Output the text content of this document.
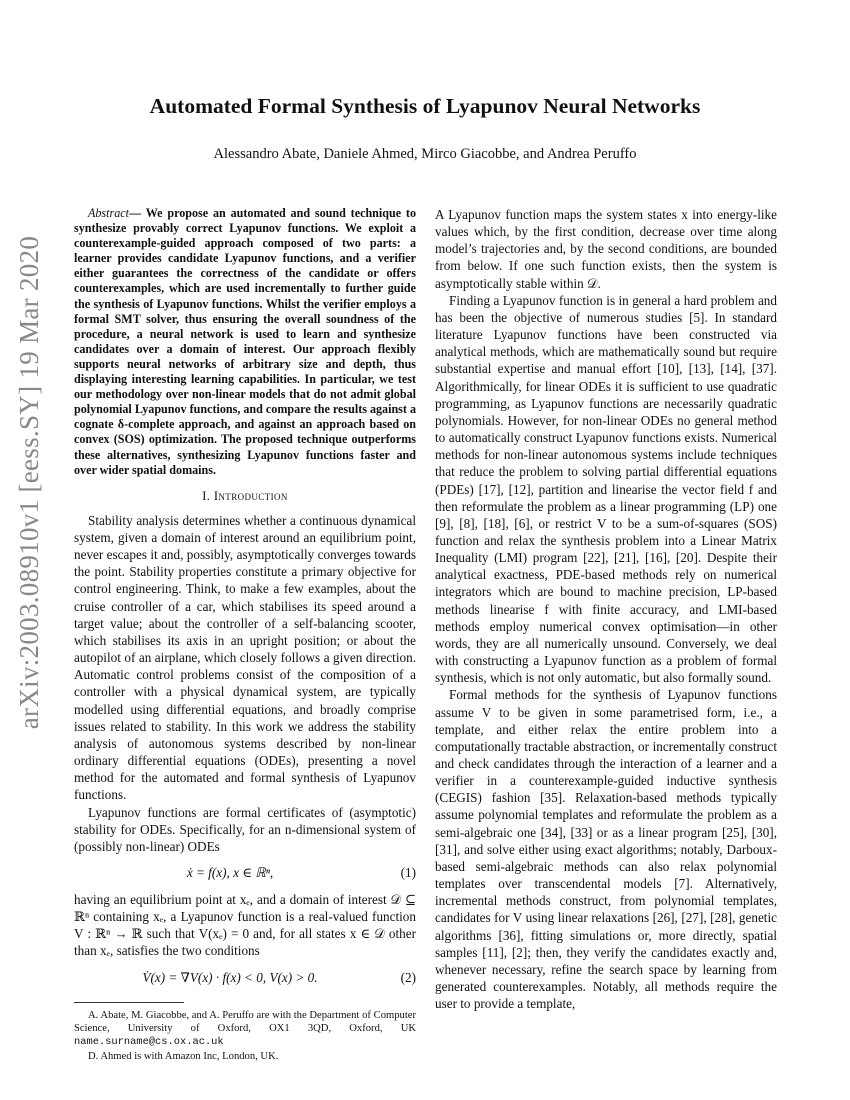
arXiv:2003.08910v1 [eess.SY] 19 Mar 2020
Automated Formal Synthesis of Lyapunov Neural Networks
Alessandro Abate, Daniele Ahmed, Mirco Giacobbe, and Andrea Peruffo

Abstract— We propose an automated and sound technique to synthesize provably correct Lyapunov functions. We exploit a counterexample-guided approach composed of two parts: a learner provides candidate Lyapunov functions, and a verifier either guarantees the correctness of the candidate or offers counterexamples, which are used incrementally to further guide the synthesis of Lyapunov functions. Whilst the verifier employs a formal SMT solver, thus ensuring the overall soundness of the procedure, a neural network is used to learn and synthesize candidates over a domain of interest. Our approach flexibly supports neural networks of arbitrary size and depth, thus displaying interesting learning capabilities. In particular, we test our methodology over non-linear models that do not admit global polynomial Lyapunov functions, and compare the results against a cognate δ-complete approach, and against an approach based on convex (SOS) optimization. The proposed technique outperforms these alternatives, synthesizing Lyapunov functions faster and over wider spatial domains.

I. Introduction

Stability analysis determines whether a continuous dynamical system, given a domain of interest around an equilibrium point, never escapes it and, possibly, asymptotically converges towards the point. Stability properties constitute a primary objective for control engineering. Think, to make a few examples, about the cruise controller of a car, which stabilises its speed around a target value; about the controller of a self-balancing scooter, which stabilises its axis in an upright position; or about the autopilot of an airplane, which closely follows a given direction. Automatic control problems consist of the composition of a controller with a physical dynamical system, are typically modelled using differential equations, and broadly comprise issues related to stability. In this work we address the stability analysis of autonomous systems described by non-linear ordinary differential equations (ODEs), presenting a novel method for the automated and formal synthesis of Lyapunov functions.

Lyapunov functions are formal certificates of (asymptotic) stability for ODEs. Specifically, for an n-dimensional system of (possibly non-linear) ODEs

ẋ = f(x), x ∈ ℝⁿ,	(1)

having an equilibrium point at xₑ, and a domain of interest 𝒟 ⊆ ℝⁿ containing xₑ, a Lyapunov function is a real-valued function V : ℝⁿ → ℝ such that V(xₑ) = 0 and, for all states x ∈ 𝒟 other than xₑ, satisfies the two conditions

V̇(x) = ∇V(x) · f(x) < 0, V(x) > 0.	(2)

A. Abate, M. Giacobbe, and A. Peruffo are with the Department of Computer Science, University of Oxford, OX1 3QD, Oxford, UK name.surname@cs.ox.ac.uk

D. Ahmed is with Amazon Inc, London, UK.

A Lyapunov function maps the system states x into energy-like values which, by the first condition, decrease over time along model’s trajectories and, by the second conditions, are bounded from below. If one such function exists, then the system is asymptotically stable within 𝒟.

Finding a Lyapunov function is in general a hard problem and has been the objective of numerous studies [5]. In standard literature Lyapunov functions have been constructed via analytical methods, which are mathematically sound but require substantial expertise and manual effort [10], [13], [14], [37]. Algorithmically, for linear ODEs it is sufficient to use quadratic programming, as Lyapunov functions are necessarily quadratic polynomials. However, for non-linear ODEs no general method to automatically construct Lyapunov functions exists. Numerical methods for non-linear autonomous systems include techniques that reduce the problem to solving partial differential equations (PDEs) [17], [12], partition and linearise the vector field f and then reformulate the problem as a linear programming (LP) one [9], [8], [18], [6], or restrict V to be a sum-of-squares (SOS) function and relax the synthesis problem into a Linear Matrix Inequality (LMI) program [22], [21], [16], [20]. Despite their analytical exactness, PDE-based methods rely on numerical integrators which are bound to machine precision, LP-based methods linearise f with finite accuracy, and LMI-based methods employ numerical convex optimisation—in other words, they are all numerically unsound. Conversely, we deal with constructing a Lyapunov function as a problem of formal synthesis, which is not only automatic, but also formally sound.

Formal methods for the synthesis of Lyapunov functions assume V to be given in some parametrised form, i.e., a template, and either relax the entire problem into a computationally tractable abstraction, or incrementally construct and check candidates through the interaction of a learner and a verifier in a counterexample-guided inductive synthesis (CEGIS) fashion [35]. Relaxation-based methods typically assume polynomial templates and reformulate the problem as a semi-algebraic one [34], [33] or as a linear program [25], [30], [31], and solve either using exact algorithms; notably, Darboux-based semi-algebraic methods can also relax polynomial templates over transcendental models [7]. Alternatively, incremental methods construct, from polynomial templates, candidates for V using linear relaxations [26], [27], [28], genetic algorithms [36], fitting simulations or, more directly, spatial samples [11], [2]; then, they verify the candidates exactly and, whenever necessary, refine the search space by learning from generated counterexamples. Notably, all methods require the user to provide a template,
